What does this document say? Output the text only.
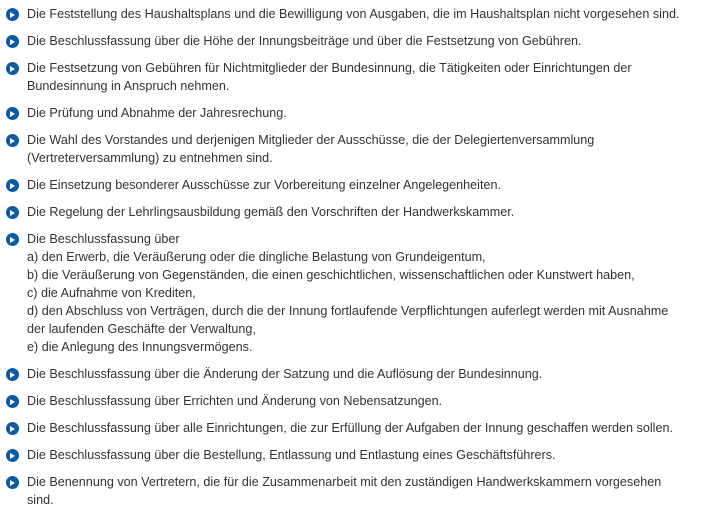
Die Feststellung des Haushaltsplans und die Bewilligung von Ausgaben, die im Haushaltsplan nicht vorgesehen sind.
Die Beschlussfassung über die Höhe der Innungsbeiträge und über die Festsetzung von Gebühren.
Die Festsetzung von Gebühren für Nichtmitglieder der Bundesinnung, die Tätigkeiten oder Einrichtungen der
Bundesinnung in Anspruch nehmen.
Die Prüfung und Abnahme der Jahresrechung.
Die Wahl des Vorstandes und derjenigen Mitglieder der Ausschüsse, die der Delegiertenversammlung
(Vertreterversammlung) zu entnehmen sind.
Die Einsetzung besonderer Ausschüsse zur Vorbereitung einzelner Angelegenheiten.
Die Regelung der Lehrlingsausbildung gemäß den Vorschriften der Handwerkskammer.
Die Beschlussfassung über
a) den Erwerb, die Veräußerung oder die dingliche Belastung von Grundeigentum,
b) die Veräußerung von Gegenständen, die einen geschichtlichen, wissenschaftlichen oder Kunstwert haben,
c) die Aufnahme von Krediten,
d) den Abschluss von Verträgen, durch die der Innung fortlaufende Verpflichtungen auferlegt werden mit Ausnahme
der laufenden Geschäfte der Verwaltung,
e) die Anlegung des Innungsvermögens.
Die Beschlussfassung über die Änderung der Satzung und die Auflösung der Bundesinnung.
Die Beschlussfassung über Errichten und Änderung von Nebensatzungen.
Die Beschlussfassung über alle Einrichtungen, die zur Erfüllung der Aufgaben der Innung geschaffen werden sollen.
Die Beschlussfassung über die Bestellung, Entlassung und Entlastung eines Geschäftsführers.
Die Benennung von Vertretern, die für die Zusammenarbeit mit den zuständigen Handwerkskammern vorgesehen
sind.
